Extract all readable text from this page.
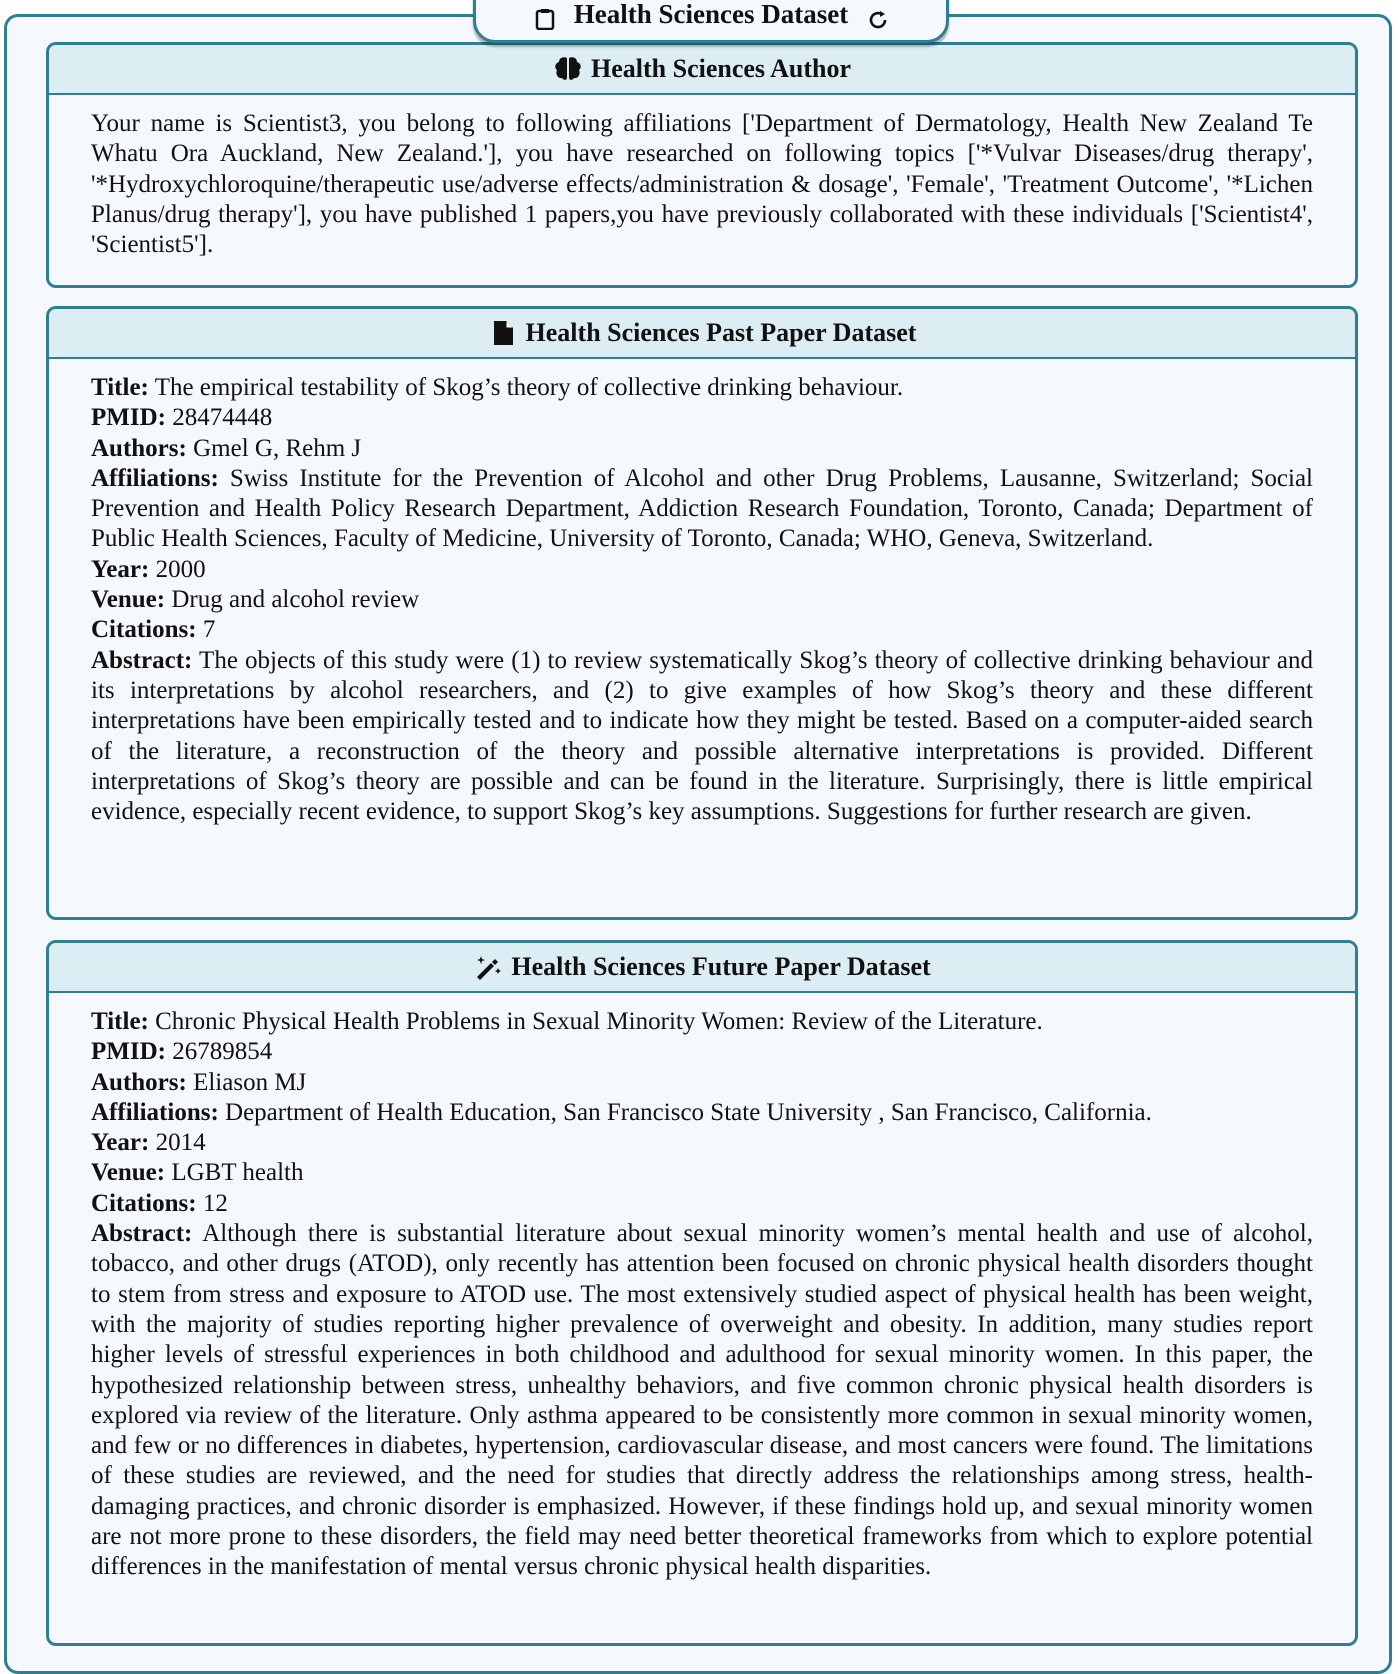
Health Sciences Dataset
Health Sciences Author
Your name is Scientist3, you belong to following affiliations ['Department of Dermatology, Health New Zealand Te Whatu Ora Auckland, New Zealand.'], you have researched on following topics ['*Vulvar Diseases/drug therapy', '*Hydroxychloroquine/therapeutic use/adverse effects/administration & dosage', 'Female', 'Treatment Outcome', '*Lichen Planus/drug therapy'], you have published 1 papers,you have previously collaborated with these individuals ['Scientist4', 'Scientist5'].
Health Sciences Past Paper Dataset
Title: The empirical testability of Skog’s theory of collective drinking behaviour.
PMID: 28474448
Authors: Gmel G, Rehm J
Affiliations: Swiss Institute for the Prevention of Alcohol and other Drug Problems, Lausanne, Switzerland; Social Prevention and Health Policy Research Department, Addiction Research Foundation, Toronto, Canada; Department of Public Health Sciences, Faculty of Medicine, University of Toronto, Canada; WHO, Geneva, Switzerland.
Year: 2000
Venue: Drug and alcohol review
Citations: 7
Abstract: The objects of this study were (1) to review systematically Skog’s theory of collective drinking behaviour and its interpretations by alcohol researchers, and (2) to give examples of how Skog’s theory and these different interpretations have been empirically tested and to indicate how they might be tested. Based on a computer-aided search of the literature, a reconstruction of the theory and possible alternative interpretations is provided. Different interpretations of Skog’s theory are possible and can be found in the literature. Surprisingly, there is little empirical evidence, especially recent evidence, to support Skog’s key assumptions. Suggestions for further research are given.
Health Sciences Future Paper Dataset
Title: Chronic Physical Health Problems in Sexual Minority Women: Review of the Literature.
PMID: 26789854
Authors: Eliason MJ
Affiliations: Department of Health Education, San Francisco State University , San Francisco, California.
Year: 2014
Venue: LGBT health
Citations: 12
Abstract: Although there is substantial literature about sexual minority women’s mental health and use of alcohol, tobacco, and other drugs (ATOD), only recently has attention been focused on chronic physical health disorders thought to stem from stress and exposure to ATOD use. The most extensively studied aspect of physical health has been weight, with the majority of studies reporting higher prevalence of overweight and obesity. In addition, many studies report higher levels of stressful experiences in both childhood and adulthood for sexual minority women. In this paper, the hypothesized relationship between stress, unhealthy behaviors, and five common chronic physical health disorders is explored via review of the literature. Only asthma appeared to be consistently more common in sexual minority women, and few or no differences in diabetes, hypertension, cardiovascular disease, and most cancers were found. The limitations of these studies are reviewed, and the need for studies that directly address the relationships among stress, health-damaging practices, and chronic disorder is emphasized. However, if these findings hold up, and sexual minority women are not more prone to these disorders, the field may need better theoretical frameworks from which to explore potential differences in the manifestation of mental versus chronic physical health disparities.
